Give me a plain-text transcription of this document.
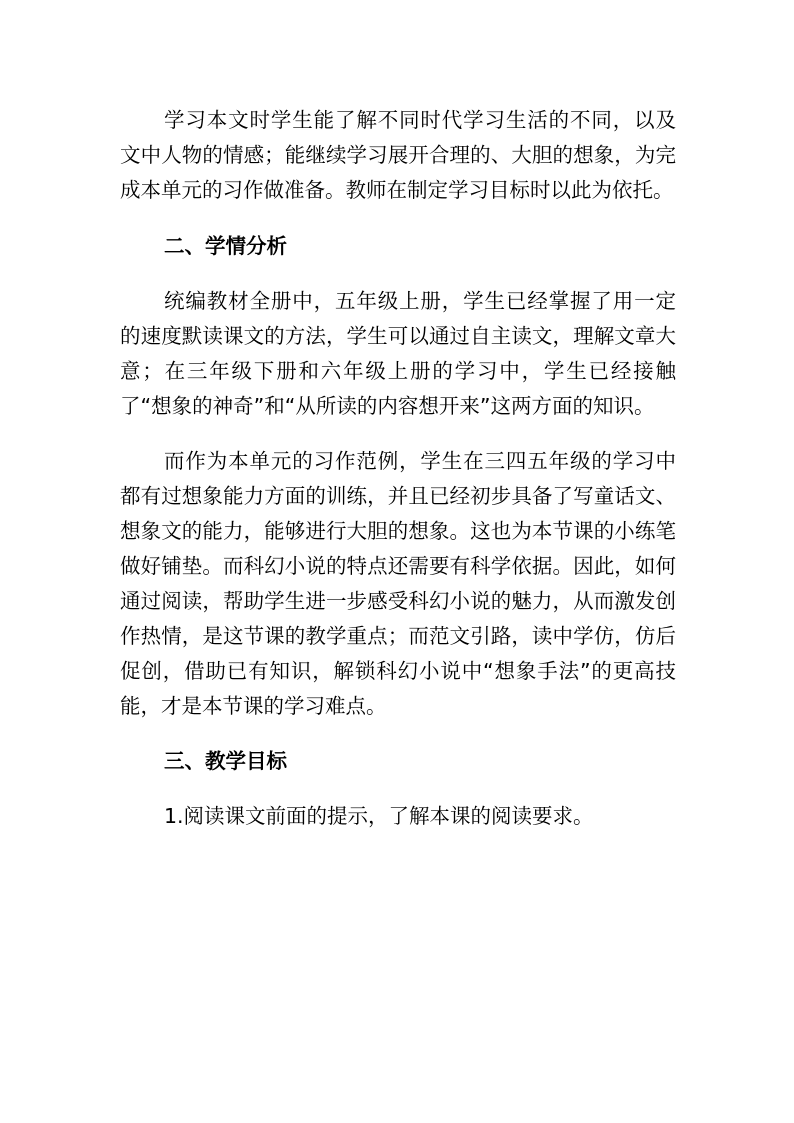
学习本文时学生能了解不同时代学习生活的不同，以及文中人物的情感；能继续学习展开合理的、大胆的想象，为完成本单元的习作做准备。教师在制定学习目标时以此为依托。

二、学情分析

统编教材全册中，五年级上册，学生已经掌握了用一定的速度默读课文的方法，学生可以通过自主读文，理解文章大意；在三年级下册和六年级上册的学习中，学生已经接触了“想象的神奇”和“从所读的内容想开来”这两方面的知识。

而作为本单元的习作范例，学生在三四五年级的学习中都有过想象能力方面的训练，并且已经初步具备了写童话文、想象文的能力，能够进行大胆的想象。这也为本节课的小练笔做好铺垫。而科幻小说的特点还需要有科学依据。因此，如何通过阅读，帮助学生进一步感受科幻小说的魅力，从而激发创作热情，是这节课的教学重点；而范文引路，读中学仿，仿后促创，借助已有知识，解锁科幻小说中“想象手法”的更高技能，才是本节课的学习难点。

三、教学目标

1.阅读课文前面的提示，了解本课的阅读要求。
